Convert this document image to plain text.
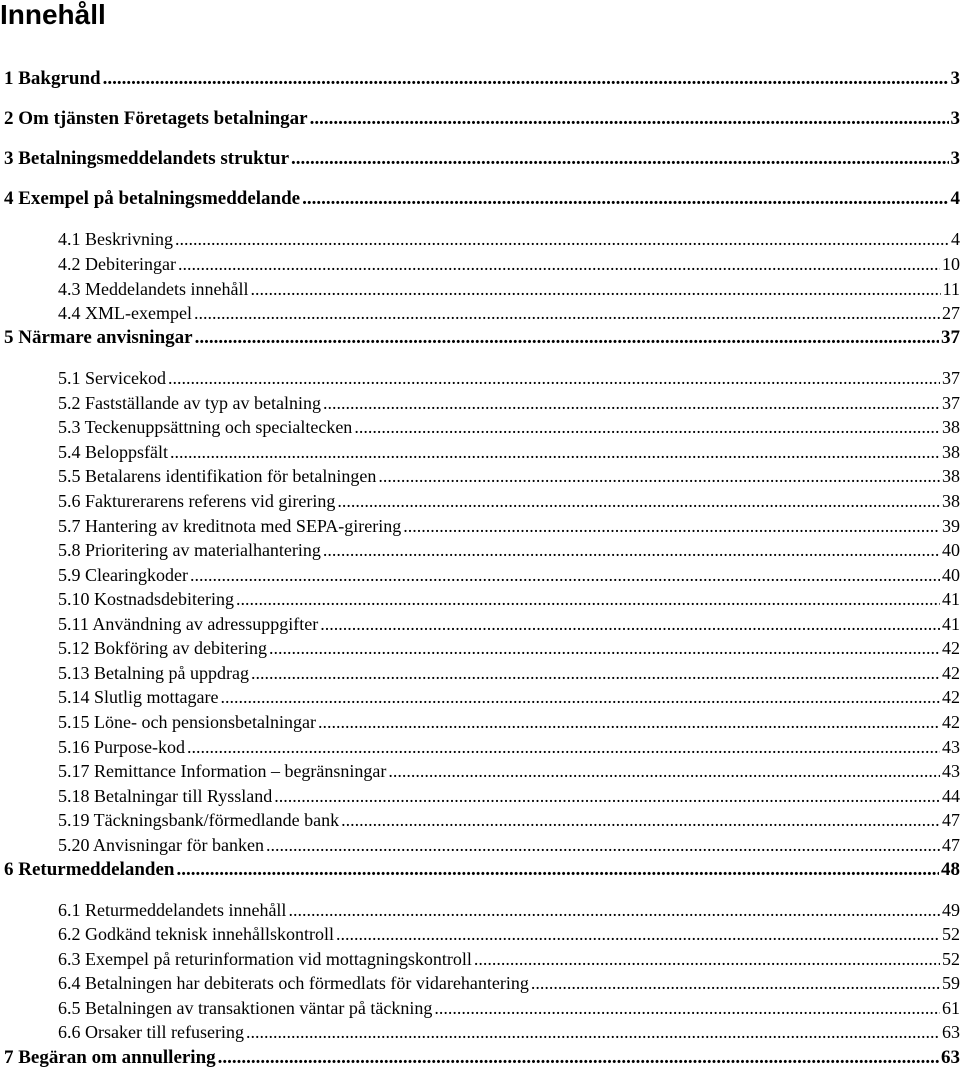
Innehåll
1 Bakgrund .....	3
2 Om tjänsten Företagets betalningar .....	3
3 Betalningsmeddelandets struktur .....	3
4 Exempel på betalningsmeddelande .....	4
4.1 Beskrivning .....	4
4.2 Debiteringar .....	10
4.3 Meddelandets innehåll .....	11
4.4 XML-exempel .....	27
5 Närmare anvisningar .....	37
5.1 Servicekod .....	37
5.2 Fastställande av typ av betalning .....	37
5.3 Teckenuppsättning och specialtecken .....	38
5.4 Beloppsfält .....	38
5.5 Betalarens identifikation för betalningen .....	38
5.6 Fakturerarens referens vid girering .....	38
5.7 Hantering av kreditnota med SEPA-girering .....	39
5.8 Prioritering av materialhantering .....	40
5.9 Clearingkoder .....	40
5.10 Kostnadsdebitering .....	41
5.11 Användning av adressuppgifter .....	41
5.12 Bokföring av debitering .....	42
5.13 Betalning på uppdrag .....	42
5.14 Slutlig mottagare .....	42
5.15 Löne- och pensionsbetalningar .....	42
5.16 Purpose-kod .....	43
5.17 Remittance Information – begränsningar .....	43
5.18 Betalningar till Ryssland .....	44
5.19 Täckningsbank/förmedlande bank .....	47
5.20 Anvisningar för banken .....	47
6 Returmeddelanden .....	48
6.1 Returmeddelandets innehåll .....	49
6.2 Godkänd teknisk innehållskontroll .....	52
6.3 Exempel på returinformation vid mottagningskontroll .....	52
6.4 Betalningen har debiterats och förmedlats för vidarehantering .....	59
6.5 Betalningen av transaktionen väntar på täckning .....	61
6.6 Orsaker till refusering .....	63
7 Begäran om annullering .....	63
